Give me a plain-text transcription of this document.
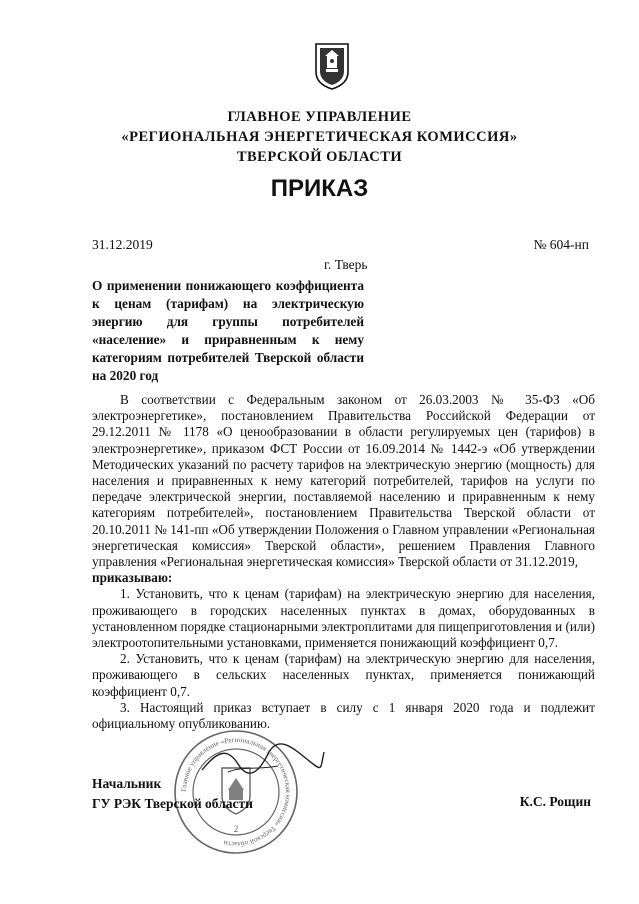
ГЛАВНОЕ УПРАВЛЕНИЕ
«РЕГИОНАЛЬНАЯ ЭНЕРГЕТИЧЕСКАЯ КОМИССИЯ»
ТВЕРСКОЙ ОБЛАСТИ
ПРИКАЗ
31.12.2019	№ 604-нп
г. Тверь
О применении понижающего коэффициента к ценам (тарифам) на электрическую энергию для группы потребителей «население» и приравненным к нему категориям потребителей Тверской области на 2020 год

В соответствии с Федеральным законом от 26.03.2003 № 35-ФЗ «Об электроэнергетике», постановлением Правительства Российской Федерации от 29.12.2011 № 1178 «О ценообразовании в области регулируемых цен (тарифов) в электроэнергетике», приказом ФСТ России от 16.09.2014 № 1442-э «Об утверждении Методических указаний по расчету тарифов на электрическую энергию (мощность) для населения и приравненных к нему категорий потребителей, тарифов на услуги по передаче электрической энергии, поставляемой населению и приравненным к нему категориям потребителей», постановлением Правительства Тверской области от 20.10.2011 № 141-пп «Об утверждении Положения о Главном управлении «Региональная энергетическая комиссия» Тверской области», решением Правления Главного управления «Региональная энергетическая комиссия» Тверской области от 31.12.2019,

приказываю:

1. Установить, что к ценам (тарифам) на электрическую энергию для населения, проживающего в городских населенных пунктах в домах, оборудованных в установленном порядке стационарными электроплитами для пищеприготовления и (или) электроотопительными установками, применяется понижающий коэффициент 0,7.

2. Установить, что к ценам (тарифам) на электрическую энергию для населения, проживающего в сельских населенных пунктах, применяется понижающий коэффициент 0,7.

3. Настоящий приказ вступает в силу с 1 января 2020 года и подлежит официальному опубликованию.

Главное управление «Региональная энергетическая комиссия» Тверской области
2
Начальник
ГУ РЭК Тверской области	К.С. Рощин
